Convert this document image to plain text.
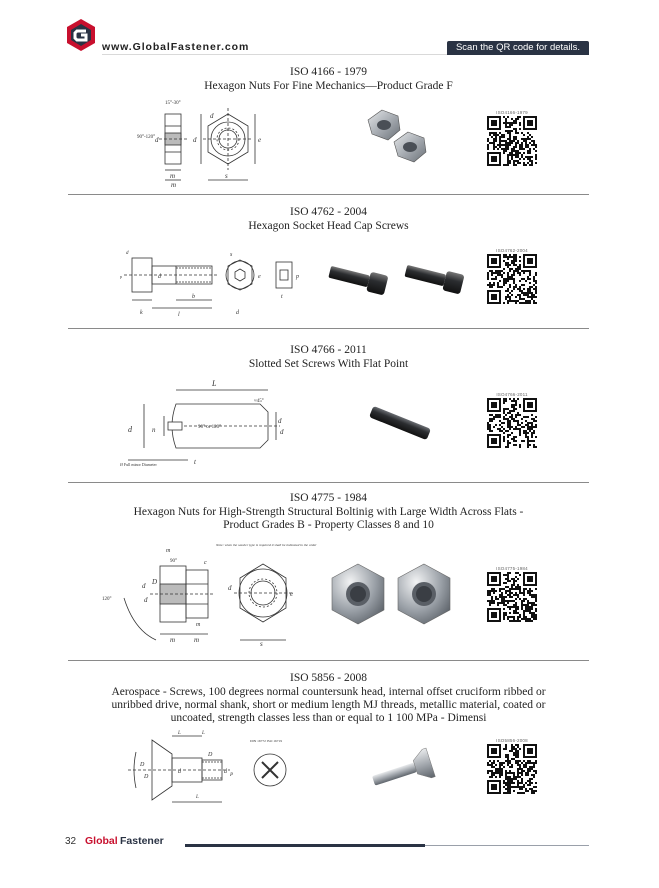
www.GlobalFastener.com	Scan the QR code for details.
ISO 4166 - 1979
Hexagon Nuts For Fine Mechanics—Product Grade F
15°-30°
90°-120° d
d
d
m	s
e
m
ISO4166-1979
ISO 4762 - 2004
Hexagon Socket Head Cap Screws
p
d
d
k	l
b
d
s
e
t
p
ISO4762-2004
ISO 4766 - 2011
Slotted Set Screws With Flat Point
L
d	n
d
t
90° or 120°
≈45°
d
Ø Full minor Diameter
ISO4766-2011
ISO 4775 - 1984
Hexagon Nuts for High-Strength Structural Boltinig with Large Width Across Flats -
Product Grades B - Property Classes 8 and 10
m
90°
120°
d D
d
m	m
m
d
e
s
c
Note: when the washer type is required it shall be indicated in the order
ISO4775-1984
ISO 5856 - 2008
Aerospace - Screws, 100 degrees normal countersunk head, internal offset cruciform ribbed or
unribbed drive, normal shank, short or medium length MJ threads, metallic material, coated or
uncoated, strength classes less than or equal to 1 100 MPa - Dimensi
L	L
D
D
D
d	d
L
P
DIN 16772 ISO 16719	ISO5856-2008
32 Global Fastener
